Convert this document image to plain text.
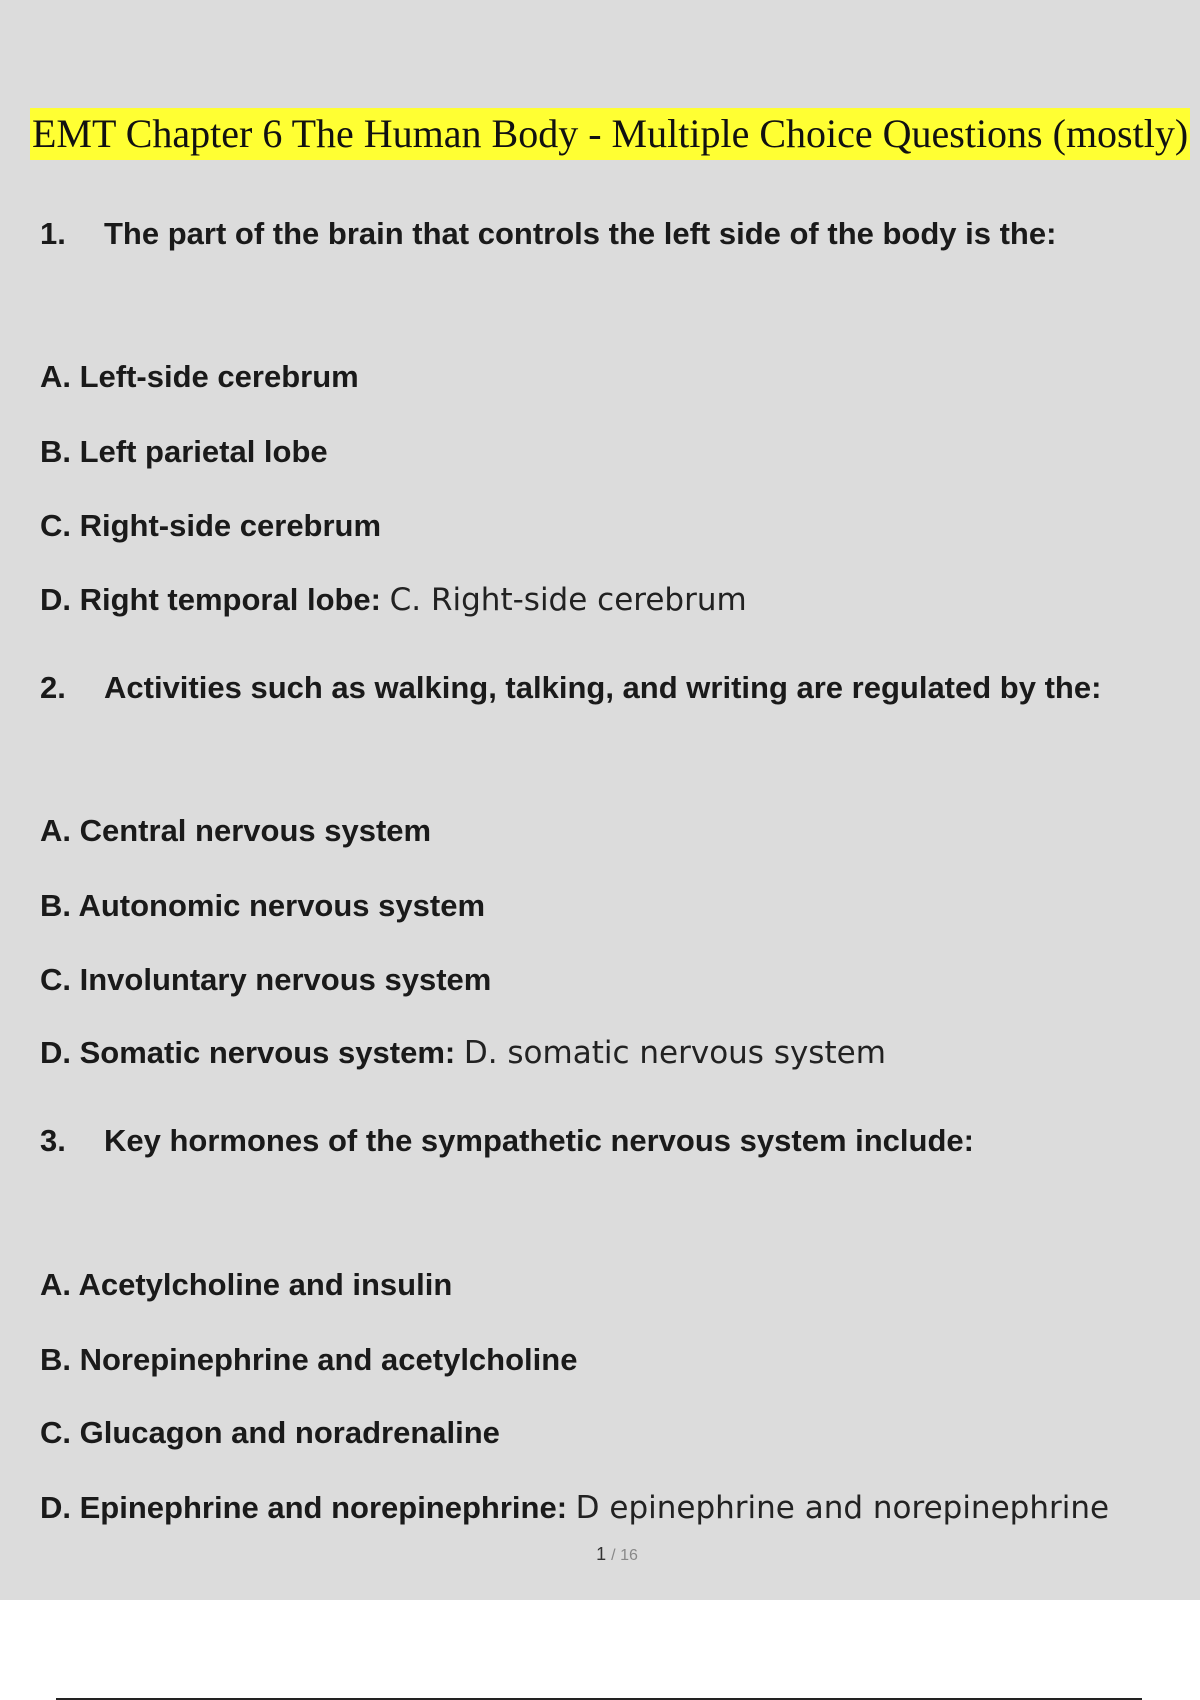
EMT Chapter 6 The Human Body - Multiple Choice Questions (mostly)

1. The part of the brain that controls the left side of the body is the:

A. Left-side cerebrum

B. Left parietal lobe

C. Right-side cerebrum

D. Right temporal lobe: C. Right-side cerebrum

2. Activities such as walking, talking, and writing are regulated by the:

A. Central nervous system

B. Autonomic nervous system

C. Involuntary nervous system

D. Somatic nervous system: D. somatic nervous system

3. Key hormones of the sympathetic nervous system include:

A. Acetylcholine and insulin

B. Norepinephrine and acetylcholine

C. Glucagon and noradrenaline

D. Epinephrine and norepinephrine: D epinephrine and norepinephrine

1 / 16
